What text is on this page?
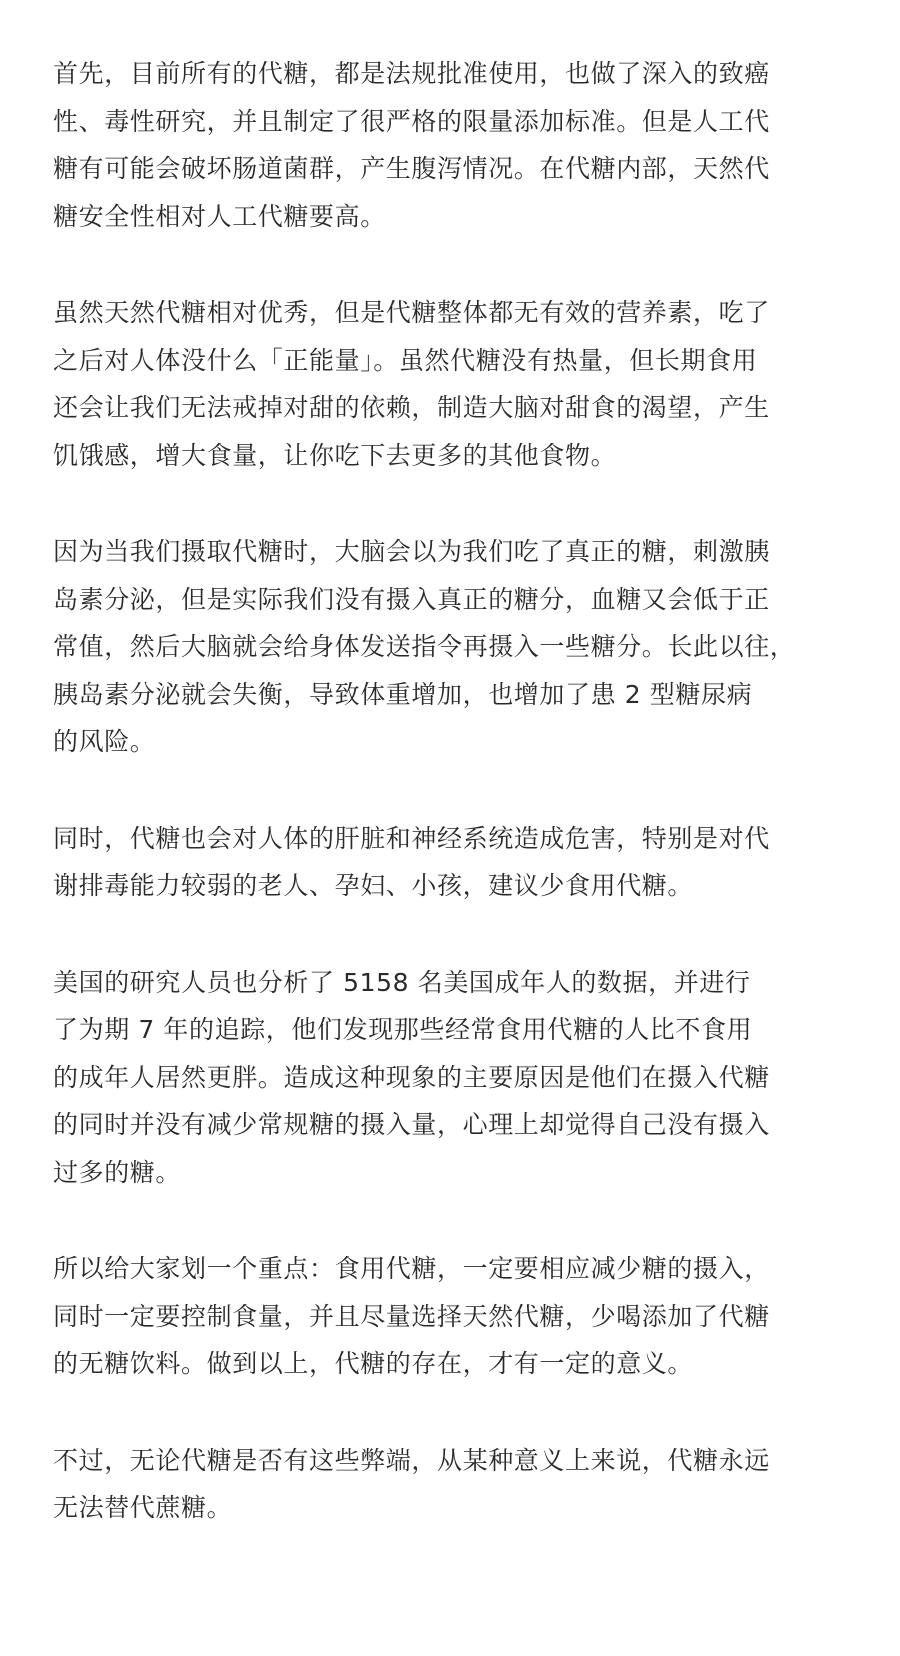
首先，目前所有的代糖，都是法规批准使用，也做了深入的致癌
性、毒性研究，并且制定了很严格的限量添加标准。但是人工代
糖有可能会破坏肠道菌群，产生腹泻情况。在代糖内部，天然代
糖安全性相对人工代糖要高。
虽然天然代糖相对优秀，但是代糖整体都无有效的营养素，吃了
之后对人体没什么「正能量」。虽然代糖没有热量，但长期食用
还会让我们无法戒掉对甜的依赖，制造大脑对甜食的渴望，产生
饥饿感，增大食量，让你吃下去更多的其他食物。
因为当我们摄取代糖时，大脑会以为我们吃了真正的糖，刺激胰
岛素分泌，但是实际我们没有摄入真正的糖分，血糖又会低于正
常值，然后大脑就会给身体发送指令再摄入一些糖分。长此以往，
胰岛素分泌就会失衡，导致体重增加，也增加了患 2 型糖尿病
的风险。
同时，代糖也会对人体的肝脏和神经系统造成危害，特别是对代
谢排毒能力较弱的老人、孕妇、小孩，建议少食用代糖。
美国的研究人员也分析了 5158 名美国成年人的数据，并进行
了为期 7 年的追踪，他们发现那些经常食用代糖的人比不食用
的成年人居然更胖。造成这种现象的主要原因是他们在摄入代糖
的同时并没有减少常规糖的摄入量，心理上却觉得自己没有摄入
过多的糖。
所以给大家划一个重点：食用代糖，一定要相应减少糖的摄入，
同时一定要控制食量，并且尽量选择天然代糖，少喝添加了代糖
的无糖饮料。做到以上，代糖的存在，才有一定的意义。
不过，无论代糖是否有这些弊端，从某种意义上来说，代糖永远
无法替代蔗糖。
